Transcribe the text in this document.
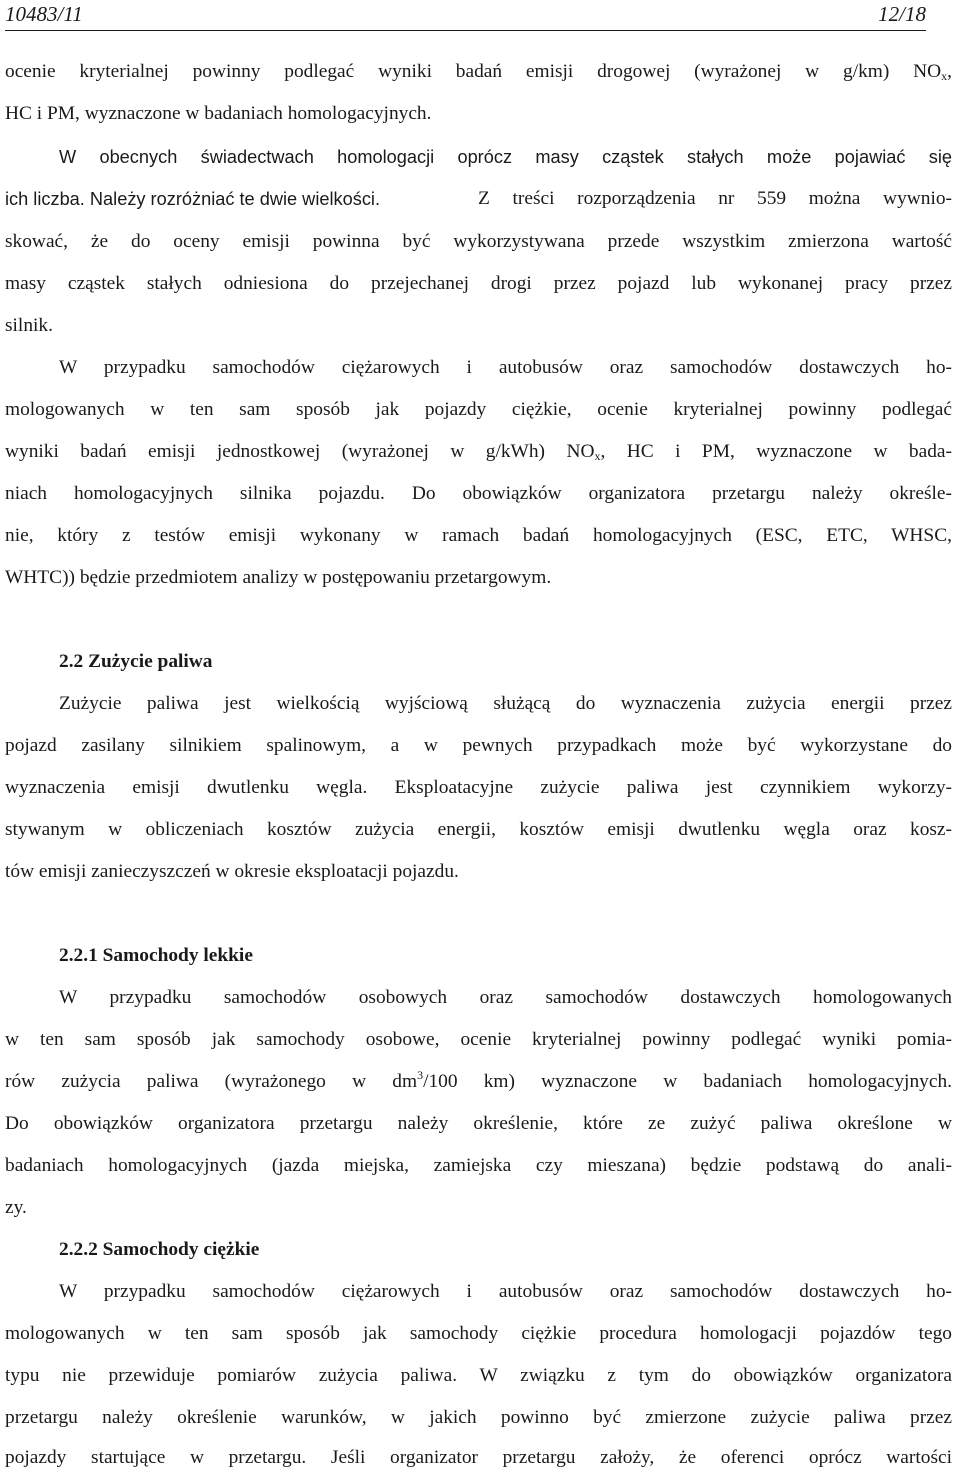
10483/11	12/18
ocenie kryterialnej powinny podlegać wyniki badań emisji drogowej (wyrażonej w g/km) $NO_x$,
HC i PM, wyznaczone w badaniach homologacyjnych.
W obecnych świadectwach homologacji oprócz masy cząstek stałych może pojawiać się
ich liczba. Należy rozróżniać te dwie wielkości.	Z treści rozporządzenia nr 559 można wywnio-
skować, że do oceny emisji powinna być wykorzystywana przede wszystkim zmierzona wartość
masy cząstek stałych odniesiona do przejechanej drogi przez pojazd lub wykonanej pracy przez
silnik.
W przypadku samochodów ciężarowych i autobusów oraz samochodów dostawczych ho-
mologowanych w ten sam sposób jak pojazdy ciężkie, ocenie kryterialnej powinny podlegać
wyniki badań emisji jednostkowej (wyrażonej w g/kWh) $NO_x$, HC i PM, wyznaczone w bada-
niach homologacyjnych silnika pojazdu. Do obowiązków organizatora przetargu należy określe-
nie, który z testów emisji wykonany w ramach badań homologacyjnych (ESC, ETC, WHSC,
WHTC)) będzie przedmiotem analizy w postępowaniu przetargowym.
2.2 Zużycie paliwa
Zużycie paliwa jest wielkością wyjściową służącą do wyznaczenia zużycia energii przez
pojazd zasilany silnikiem spalinowym, a w pewnych przypadkach może być wykorzystane do
wyznaczenia emisji dwutlenku węgla. Eksploatacyjne zużycie paliwa jest czynnikiem wykorzy-
stywanym w obliczeniach kosztów zużycia energii, kosztów emisji dwutlenku węgla oraz kosz-
tów emisji zanieczyszczeń w okresie eksploatacji pojazdu.
2.2.1 Samochody lekkie
W przypadku samochodów osobowych oraz samochodów dostawczych homologowanych
w ten sam sposób jak samochody osobowe, ocenie kryterialnej powinny podlegać wyniki pomia-
rów zużycia paliwa (wyrażonego w $dm^3/100$ km) wyznaczone w badaniach homologacyjnych.
Do obowiązków organizatora przetargu należy określenie, które ze zużyć paliwa określone w
badaniach homologacyjnych (jazda miejska, zamiejska czy mieszana) będzie podstawą do anali-
zy.
2.2.2 Samochody ciężkie
W przypadku samochodów ciężarowych i autobusów oraz samochodów dostawczych ho-
mologowanych w ten sam sposób jak samochody ciężkie procedura homologacji pojazdów tego
typu nie przewiduje pomiarów zużycia paliwa. W związku z tym do obowiązków organizatora
przetargu należy określenie warunków, w jakich powinno być zmierzone zużycie paliwa przez
pojazdy startujące w przetargu. Jeśli organizator przetargu założy, że oferenci oprócz wartości
